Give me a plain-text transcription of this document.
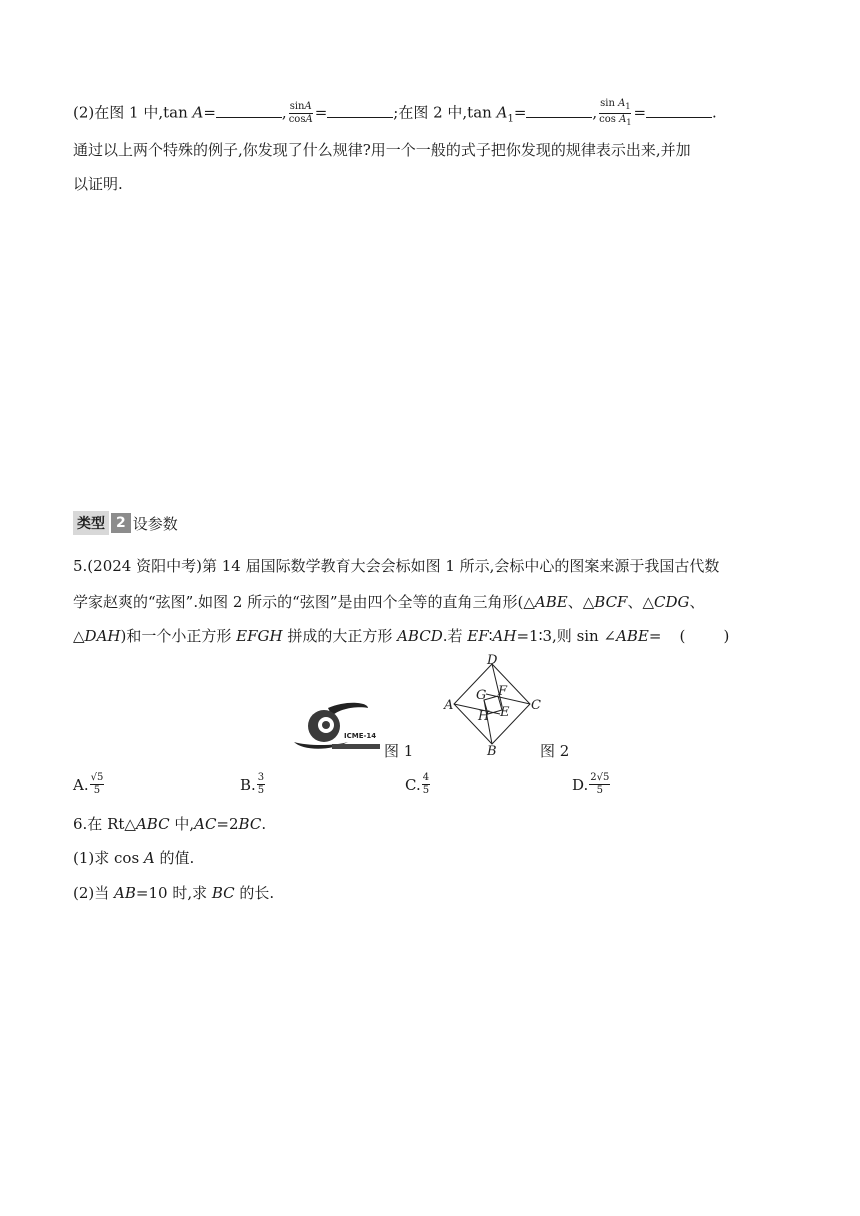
(2)在图 1 中,tan A=	, $\frac{\sin A}{\cos A}$ =	;在图 2 中,tan $A_1=$	, $\frac{\sin A_1}{\cos A_1}$ =	.
通过以上两个特殊的例子,你发现了什么规律?用一个一般的式子把你发现的规律表示出来,并加
以证明.
类型 2 设参数
5.(2024 资阳中考)第 14 届国际数学教育大会会标如图 1 所示,会标中心的图案来源于我国古代数
学家赵爽的“弦图”.如图 2 所示的“弦图”是由四个全等的直角三角形(△ABE、△BCF、△CDG、
△DAH)和一个小正方形 EFGH 拼成的大正方形 ABCD.若 EF∶AH=1∶3,则 sin ∠ABE= (        )
ICME-14
图 1
D
A	C
B
G F
H E
图 2
A. $\frac{√5}{5}$	B. $\frac{3}{5}$	C. $\frac{4}{5}$	D. $\frac{2√5}{5}$
6.在 Rt△ABC 中,AC=2BC.
(1)求 cos A 的值.
(2)当 AB=10 时,求 BC 的长.
